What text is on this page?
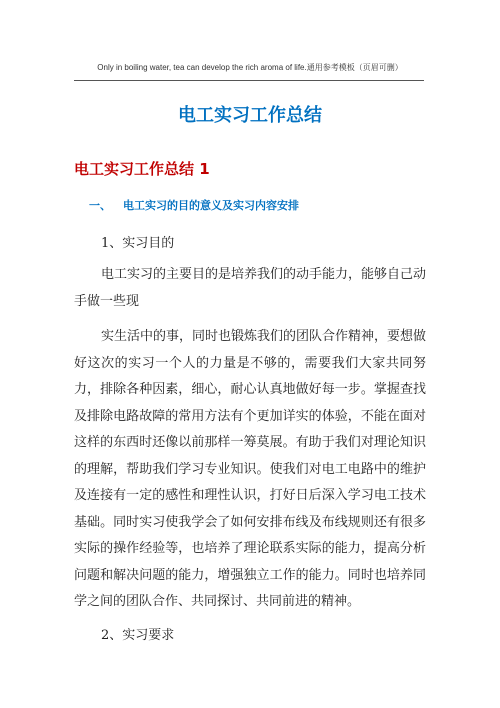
Only in boiling water, tea can develop the rich aroma of life.通用参考模板（页眉可删）
电工实习工作总结
电工实习工作总结 1
一、 电工实习的目的意义及实习内容安排
1、实习目的
电工实习的主要目的是培养我们的动手能力，能够自己动手做一些现
实生活中的事，同时也锻炼我们的团队合作精神，要想做好这次的实习一个人的力量是不够的，需要我们大家共同努力，排除各种因素，细心，耐心认真地做好每一步。掌握查找及排除电路故障的常用方法有个更加详实的体验，不能在面对这样的东西时还像以前那样一筹莫展。有助于我们对理论知识的理解，帮助我们学习专业知识。使我们对电工电路中的维护及连接有一定的感性和理性认识，打好日后深入学习电工技术基础。同时实习使我学会了如何安排布线及布线规则还有很多实际的操作经验等，也培养了理论联系实际的能力，提高分析问题和解决问题的能力，增强独立工作的能力。同时也培养同学之间的团队合作、共同探讨、共同前进的精神。
2、实习要求
